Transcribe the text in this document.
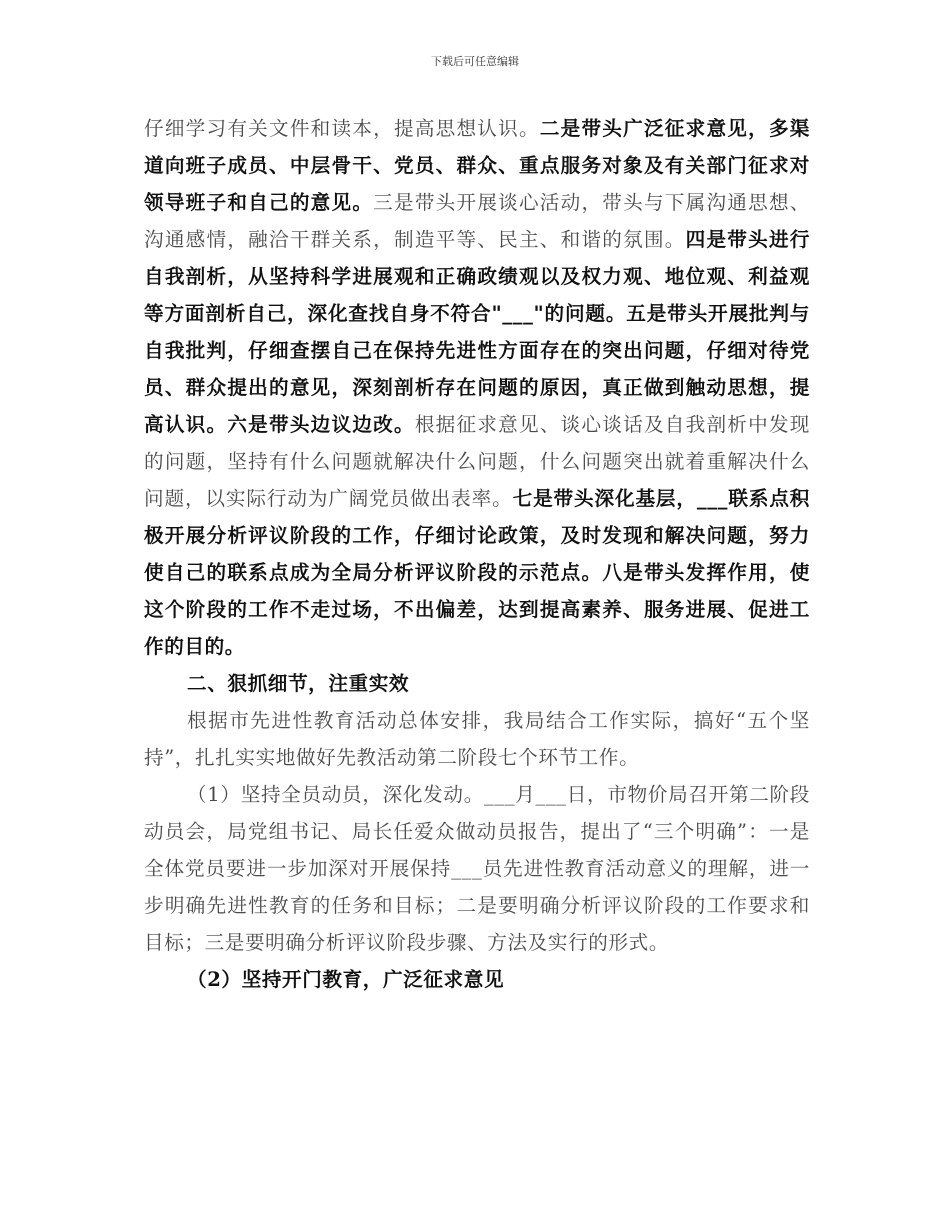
下载后可任意编辑

仔细学习有关文件和读本，提高思想认识。二是带头广泛征求意见，多渠道向班子成员、中层骨干、党员、群众、重点服务对象及有关部门征求对领导班子和自己的意见。三是带头开展谈心活动，带头与下属沟通思想、沟通感情，融洽干群关系，制造平等、民主、和谐的氛围。四是带头进行自我剖析，从坚持科学进展观和正确政绩观以及权力观、地位观、利益观等方面剖析自己，深化查找自身不符合"___"的问题。五是带头开展批判与自我批判，仔细查摆自己在保持先进性方面存在的突出问题，仔细对待党员、群众提出的意见，深刻剖析存在问题的原因，真正做到触动思想，提高认识。六是带头边议边改。根据征求意见、谈心谈话及自我剖析中发现的问题，坚持有什么问题就解决什么问题，什么问题突出就着重解决什么问题，以实际行动为广阔党员做出表率。七是带头深化基层，___联系点积极开展分析评议阶段的工作，仔细讨论政策，及时发现和解决问题，努力使自己的联系点成为全局分析评议阶段的示范点。八是带头发挥作用，使这个阶段的工作不走过场，不出偏差，达到提高素养、服务进展、促进工作的目的。

二、狠抓细节，注重实效

根据市先进性教育活动总体安排，我局结合工作实际，搞好“五个坚持”，扎扎实实地做好先教活动第二阶段七个环节工作。

（1）坚持全员动员，深化发动。___月___日，市物价局召开第二阶段动员会，局党组书记、局长任爱众做动员报告，提出了“三个明确”：一是全体党员要进一步加深对开展保持___员先进性教育活动意义的理解，进一步明确先进性教育的任务和目标；二是要明确分析评议阶段的工作要求和目标；三是要明确分析评议阶段步骤、方法及实行的形式。

（2）坚持开门教育，广泛征求意见
